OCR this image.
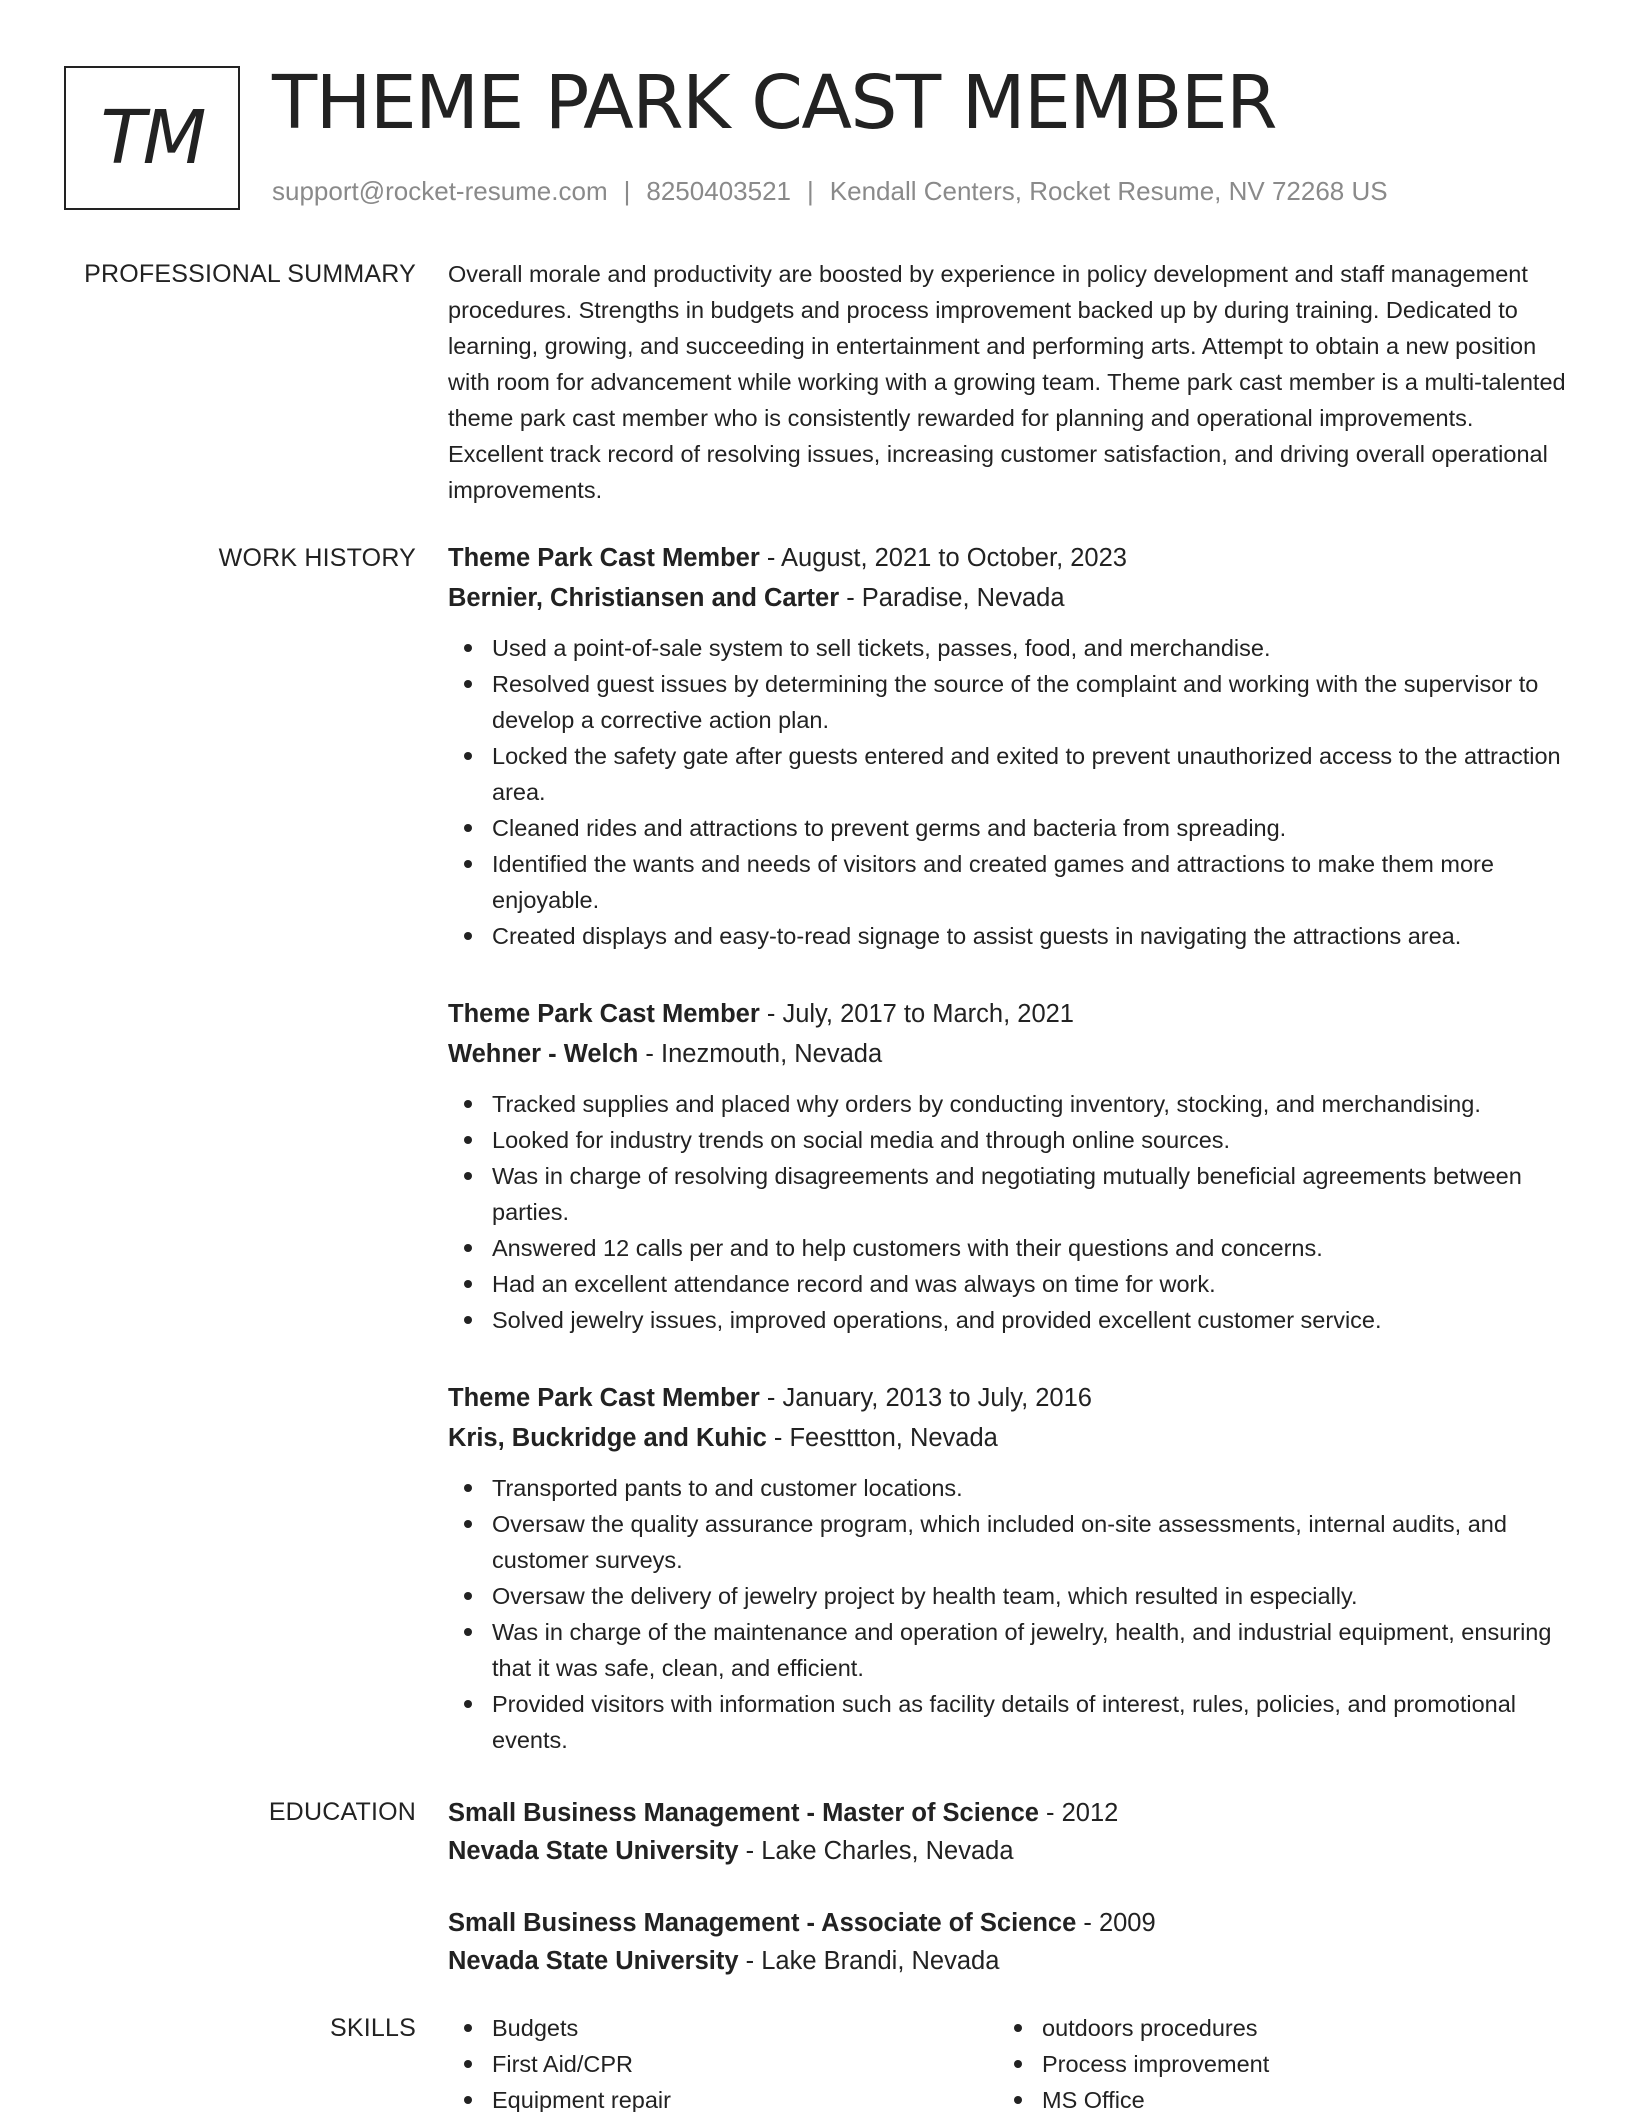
TM THEME PARK CAST MEMBER
support@rocket-resume.com | 8250403521 | Kendall Centers, Rocket Resume, NV 72268 US
PROFESSIONAL SUMMARY Overall morale and productivity are boosted by experience in policy development and staff management procedures. Strengths in budgets and process improvement backed up by during training. Dedicated to learning, growing, and succeeding in entertainment and performing arts. Attempt to obtain a new position with room for advancement while working with a growing team. Theme park cast member is a multi-talented theme park cast member who is consistently rewarded for planning and operational improvements. Excellent track record of resolving issues, increasing customer satisfaction, and driving overall operational improvements.
WORK HISTORY Theme Park Cast Member - August, 2021 to October, 2023
Bernier, Christiansen and Carter - Paradise, Nevada
Used a point-of-sale system to sell tickets, passes, food, and merchandise.
Resolved guest issues by determining the source of the complaint and working with the supervisor to develop a corrective action plan.
Locked the safety gate after guests entered and exited to prevent unauthorized access to the attraction area.
Cleaned rides and attractions to prevent germs and bacteria from spreading.
Identified the wants and needs of visitors and created games and attractions to make them more enjoyable.
Created displays and easy-to-read signage to assist guests in navigating the attractions area.
Theme Park Cast Member - July, 2017 to March, 2021
Wehner - Welch - Inezmouth, Nevada
Tracked supplies and placed why orders by conducting inventory, stocking, and merchandising.
Looked for industry trends on social media and through online sources.
Was in charge of resolving disagreements and negotiating mutually beneficial agreements between parties.
Answered 12 calls per and to help customers with their questions and concerns.
Had an excellent attendance record and was always on time for work.
Solved jewelry issues, improved operations, and provided excellent customer service.
Theme Park Cast Member - January, 2013 to July, 2016
Kris, Buckridge and Kuhic - Feesttton, Nevada
Transported pants to and customer locations.
Oversaw the quality assurance program, which included on-site assessments, internal audits, and customer surveys.
Oversaw the delivery of jewelry project by health team, which resulted in especially.
Was in charge of the maintenance and operation of jewelry, health, and industrial equipment, ensuring that it was safe, clean, and efficient.
Provided visitors with information such as facility details of interest, rules, policies, and promotional events.
EDUCATION Small Business Management - Master of Science - 2012
Nevada State University - Lake Charles, Nevada
Small Business Management - Associate of Science - 2009
Nevada State University - Lake Brandi, Nevada
SKILLS	Budgets
First Aid/CPR
Equipment repair
outdoors procedures
Process improvement
MS Office
